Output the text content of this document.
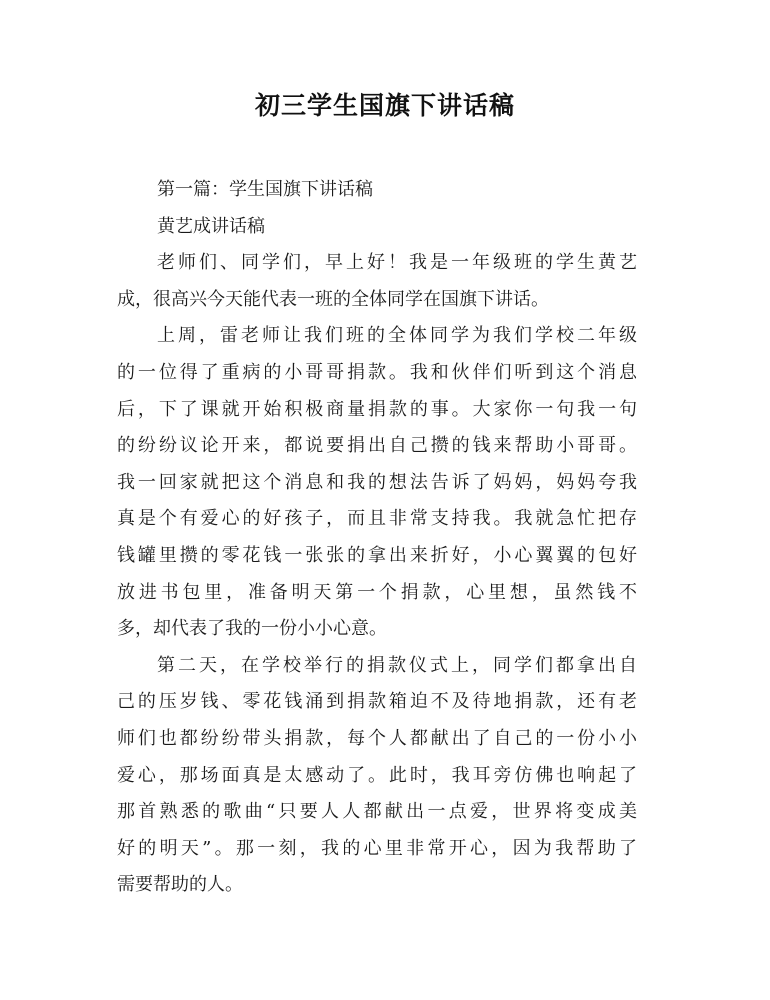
初三学生国旗下讲话稿
第一篇：学生国旗下讲话稿
黄艺成讲话稿
老师们、同学们，早上好！我是一年级班的学生黄艺
成，很高兴今天能代表一班的全体同学在国旗下讲话。
上周，雷老师让我们班的全体同学为我们学校二年级
的一位得了重病的小哥哥捐款。我和伙伴们听到这个消息
后，下了课就开始积极商量捐款的事。大家你一句我一句
的纷纷议论开来，都说要捐出自己攒的钱来帮助小哥哥。
我一回家就把这个消息和我的想法告诉了妈妈，妈妈夸我
真是个有爱心的好孩子，而且非常支持我。我就急忙把存
钱罐里攒的零花钱一张张的拿出来折好，小心翼翼的包好
放进书包里，准备明天第一个捐款，心里想，虽然钱不
多，却代表了我的一份小小心意。
第二天，在学校举行的捐款仪式上，同学们都拿出自
己的压岁钱、零花钱涌到捐款箱迫不及待地捐款，还有老
师们也都纷纷带头捐款，每个人都献出了自己的一份小小
爱心，那场面真是太感动了。此时，我耳旁仿佛也响起了
那首熟悉的歌曲“只要人人都献出一点爱，世界将变成美
好的明天”。那一刻，我的心里非常开心，因为我帮助了
需要帮助的人。
